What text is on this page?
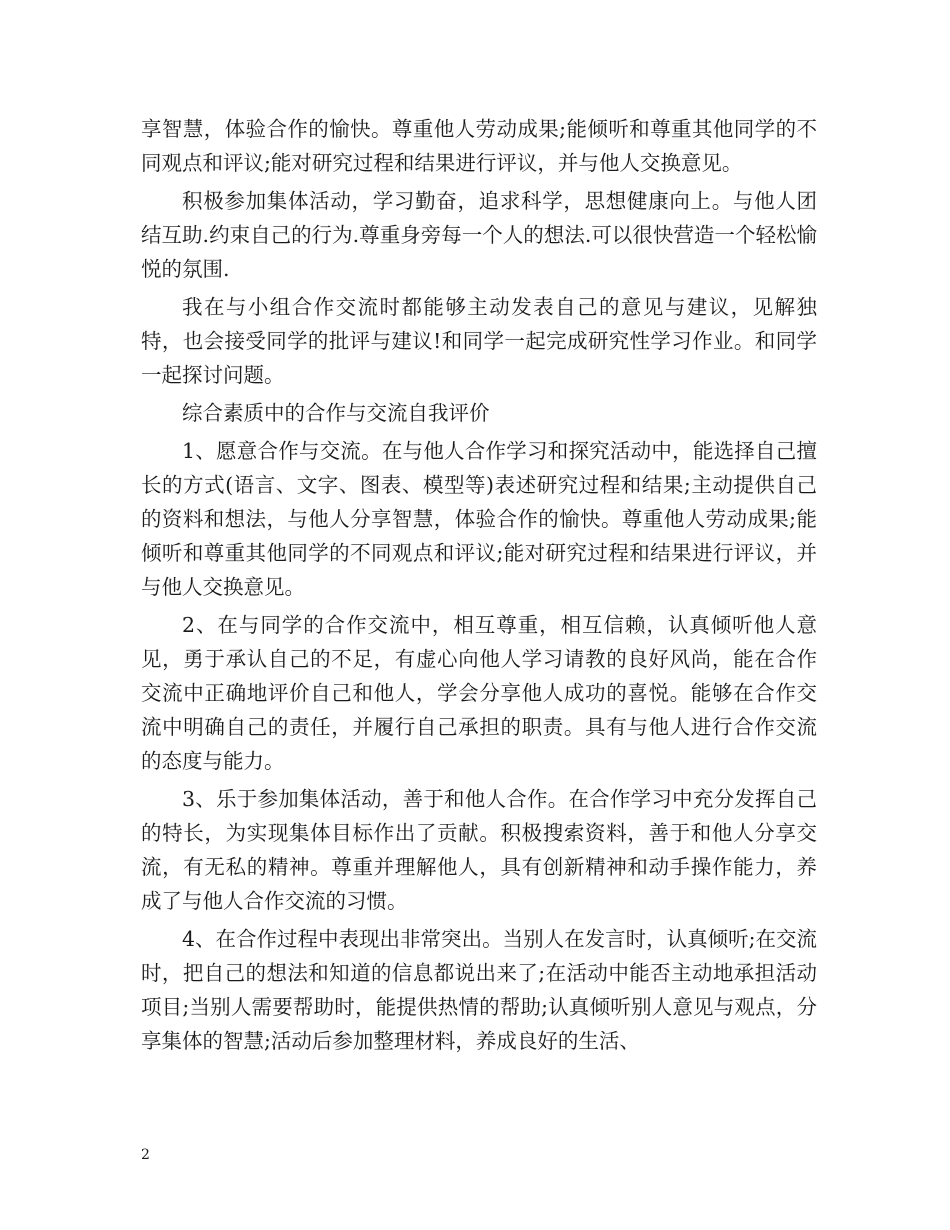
享智慧，体验合作的愉快。尊重他人劳动成果;能倾听和尊重其他同学的不同观点和评议;能对研究过程和结果进行评议，并与他人交换意见。

积极参加集体活动，学习勤奋，追求科学，思想健康向上。与他人团结互助.约束自己的行为.尊重身旁每一个人的想法.可以很快营造一个轻松愉悦的氛围.

我在与小组合作交流时都能够主动发表自己的意见与建议，见解独特，也会接受同学的批评与建议!和同学一起完成研究性学习作业。和同学一起探讨问题。

综合素质中的合作与交流自我评价

1、愿意合作与交流。在与他人合作学习和探究活动中，能选择自己擅长的方式(语言、文字、图表、模型等)表述研究过程和结果;主动提供自己的资料和想法，与他人分享智慧，体验合作的愉快。尊重他人劳动成果;能倾听和尊重其他同学的不同观点和评议;能对研究过程和结果进行评议，并与他人交换意见。

2、在与同学的合作交流中，相互尊重，相互信赖，认真倾听他人意见，勇于承认自己的不足，有虚心向他人学习请教的良好风尚，能在合作交流中正确地评价自己和他人，学会分享他人成功的喜悦。能够在合作交流中明确自己的责任，并履行自己承担的职责。具有与他人进行合作交流的态度与能力。

3、乐于参加集体活动，善于和他人合作。在合作学习中充分发挥自己的特长，为实现集体目标作出了贡献。积极搜索资料，善于和他人分享交流，有无私的精神。尊重并理解他人，具有创新精神和动手操作能力，养成了与他人合作交流的习惯。

4、在合作过程中表现出非常突出。当别人在发言时，认真倾听;在交流时，把自己的想法和知道的信息都说出来了;在活动中能否主动地承担活动项目;当别人需要帮助时，能提供热情的帮助;认真倾听别人意见与观点，分享集体的智慧;活动后参加整理材料，养成良好的生活、

2
